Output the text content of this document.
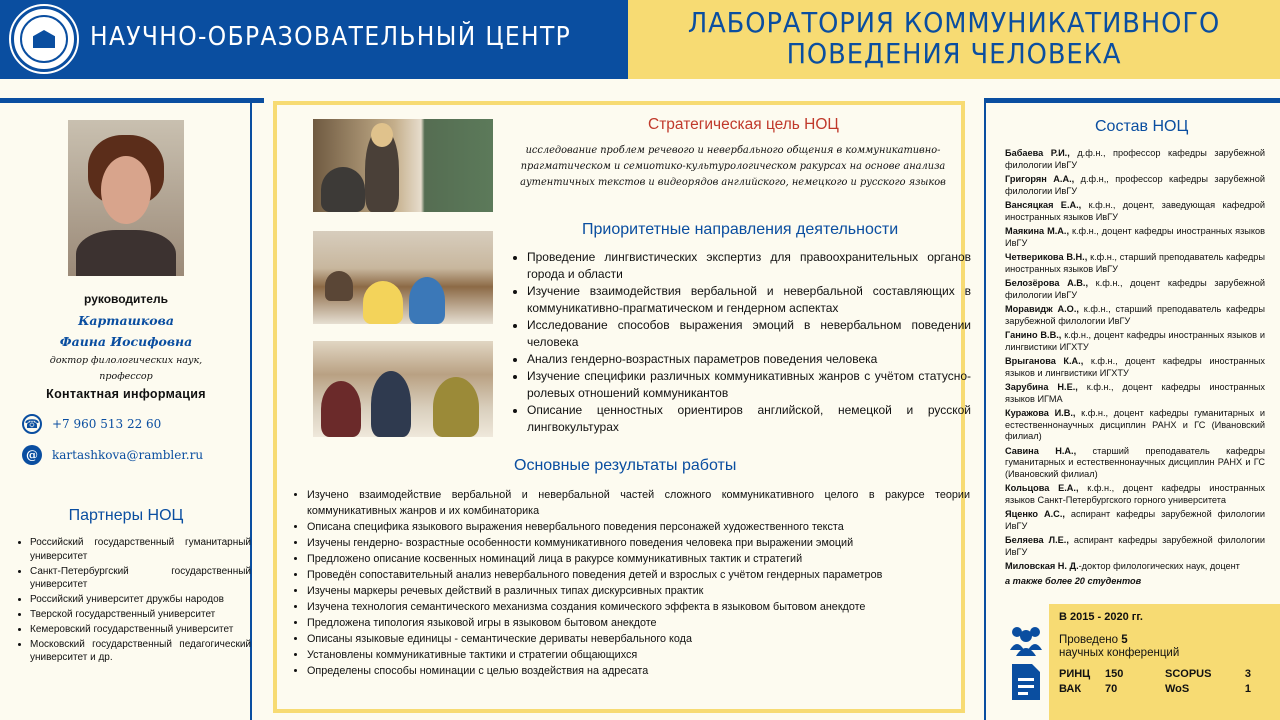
НАУЧНО-ОБРАЗОВАТЕЛЬНЫЙ ЦЕНТР	ЛАБОРАТОРИЯ КОММУНИКАТИВНОГО
ПОВЕДЕНИЯ ЧЕЛОВЕКА
руководитель
Карташкова
Фаина Иосифовна
доктор филологических наук,
профессор
Контактная информация
☎ +7 960 513 22 60
@	kartashkova@rambler.ru
Партнеры НОЦ
• Российский государственный гуманитарный университет
• Санкт-Петербургский государственный университет
• Российский университет дружбы народов
• Тверской государственный университет
• Кемеровский государственный университет
• Московский государственный педагогический университет и др.
Стратегическая цель НОЦ
исследование проблем речевого и невербального общения в коммуникативно-прагматическом и семиотико-культурологическом ракурсах на основе анализа аутентичных текстов и видеорядов английского, немецкого и русского языков
Приоритетные направления деятельности
• Проведение лингвистических экспертиз для правоохранительных органов города и области
• Изучение взаимодействия вербальной и невербальной составляющих в коммуникативно-прагматическом и гендерном аспектах
• Исследование способов выражения эмоций в невербальном поведении человека
• Анализ гендерно-возрастных параметров поведения человека
• Изучение специфики различных коммуникативных жанров с учётом статусно-ролевых отношений коммуникантов
• Описание ценностных ориентиров английской, немецкой и русской лингвокультурах
Основные результаты работы
• Изучено взаимодействие вербальной и невербальной частей сложного коммуникативного целого в ракурсе теории коммуникативных жанров и их комбинаторика
• Описана специфика языкового выражения невербального поведения персонажей художественного текста
• Изучены гендерно- возрастные особенности коммуникативного поведения человека при выражении эмоций
• Предложено описание косвенных номинаций лица в ракурсе коммуникативных тактик и стратегий
• Проведён сопоставительный анализ невербального поведения детей и взрослых с учётом гендерных параметров
• Изучены маркеры речевых действий в различных типах дискурсивных практик
• Изучена технология семантического механизма создания комического эффекта в языковом бытовом анекдоте
• Предложена типология языковой игры в языковом бытовом анекдоте
• Описаны языковые единицы - семантические дериваты невербального кода
• Установлены коммуникативные тактики и стратегии общающихся
• Определены способы номинации с целью воздействия на адресата
Состав НОЦ

Бабаева Р.И., д.ф.н., профессор кафедры зарубежной филологии ИвГУ

Григорян А.А., д.ф.н,, профессор кафедры зарубежной филологии ИвГУ

Вансяцкая Е.А., к.ф.н., доцент, заведующая кафедрой иностранных языков ИвГУ

Маякина М.А., к.ф.н., доцент кафедры иностранных языков ИвГУ

Четверикова В.Н., к.ф.н., старший преподаватель кафедры иностранных языков ИвГУ

Белозёрова А.В., к.ф.н., доцент кафедры зарубежной филологии ИвГУ

Моравидж А.О., к.ф.н., старший преподаватель кафедры зарубежной филологии ИвГУ

Ганино В.В., к.ф.н., доцент кафедры иностранных языков и лингвистики ИГХТУ

Врыганова К.А., к.ф.н., доцент кафедры иностранных языков и лингвистики ИГХТУ

Зарубина Н.Е., к.ф.н., доцент кафедры иностранных языков ИГМА

Куражова И.В., к.ф.н., доцент кафедры гуманитарных и естественнонаучных дисциплин РАНХ и ГС (Ивановский филиал)

Савина Н.А., старший преподаватель кафедры гуманитарных и естественнонаучных дисциплин РАНХ и ГС (Ивановский филиал)

Кольцова Е.А., к.ф.н., доцент кафедры иностранных языков Санкт-Петербургского горного университета

Яценко А.С., аспирант кафедры зарубежной филологии ИвГУ

Беляева Л.Е., аспирант кафедры зарубежной филологии ИвГУ

Миловская Н. Д.-доктор филологических наук, доцент

а также более 20 студентов
В 2015 - 2020 гг.
Проведено 5
научных конференций
РИНЦ	150	SCOPUS	3
ВАК	70	WoS	1
